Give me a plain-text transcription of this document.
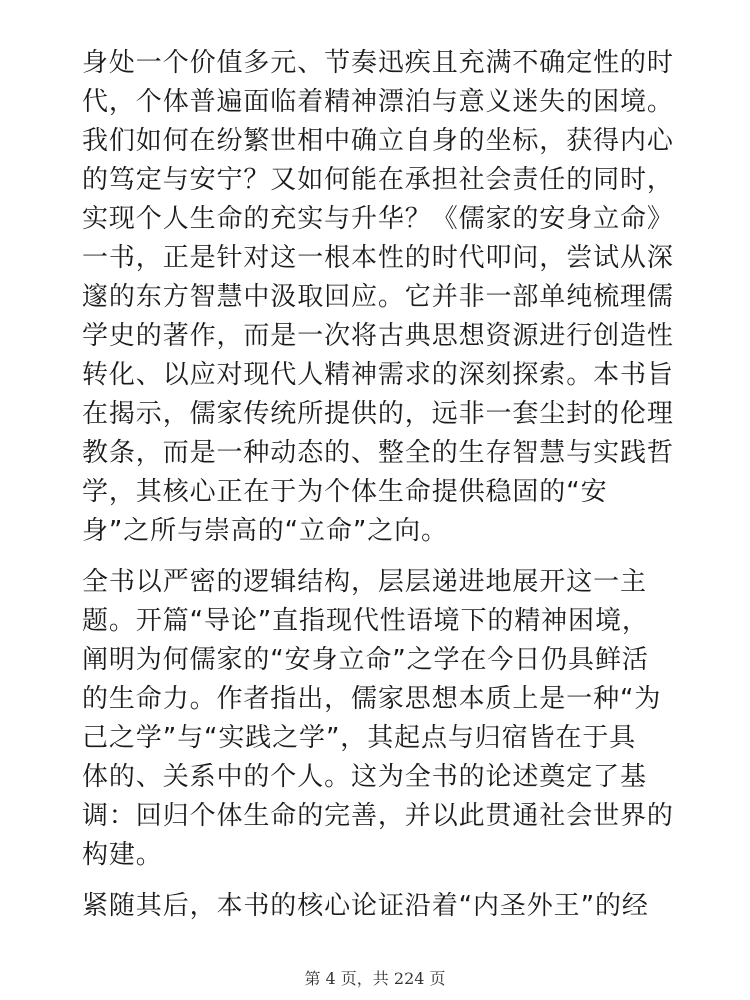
身处一个价值多元、节奏迅疾且充满不确定性的时
代，个体普遍面临着精神漂泊与意义迷失的困境。
我们如何在纷繁世相中确立自身的坐标，获得内心
的笃定与安宁？又如何能在承担社会责任的同时，
实现个人生命的充实与升华？《儒家的安身立命》
一书，正是针对这一根本性的时代叩问，尝试从深
邃的东方智慧中汲取回应。它并非一部单纯梳理儒
学史的著作，而是一次将古典思想资源进行创造性
转化、以应对现代人精神需求的深刻探索。本书旨
在揭示，儒家传统所提供的，远非一套尘封的伦理
教条，而是一种动态的、整全的生存智慧与实践哲
学，其核心正在于为个体生命提供稳固的“安
身”之所与崇高的“立命”之向。

全书以严密的逻辑结构，层层递进地展开这一主
题。开篇“导论”直指现代性语境下的精神困境，
阐明为何儒家的“安身立命”之学在今日仍具鲜活
的生命力。作者指出，儒家思想本质上是一种“为
己之学”与“实践之学”，其起点与归宿皆在于具
体的、关系中的个人。这为全书的论述奠定了基
调：回归个体生命的完善，并以此贯通社会世界的
构建。

紧随其后，本书的核心论证沿着“内圣外王”的经

第 4 页，共 224 页
